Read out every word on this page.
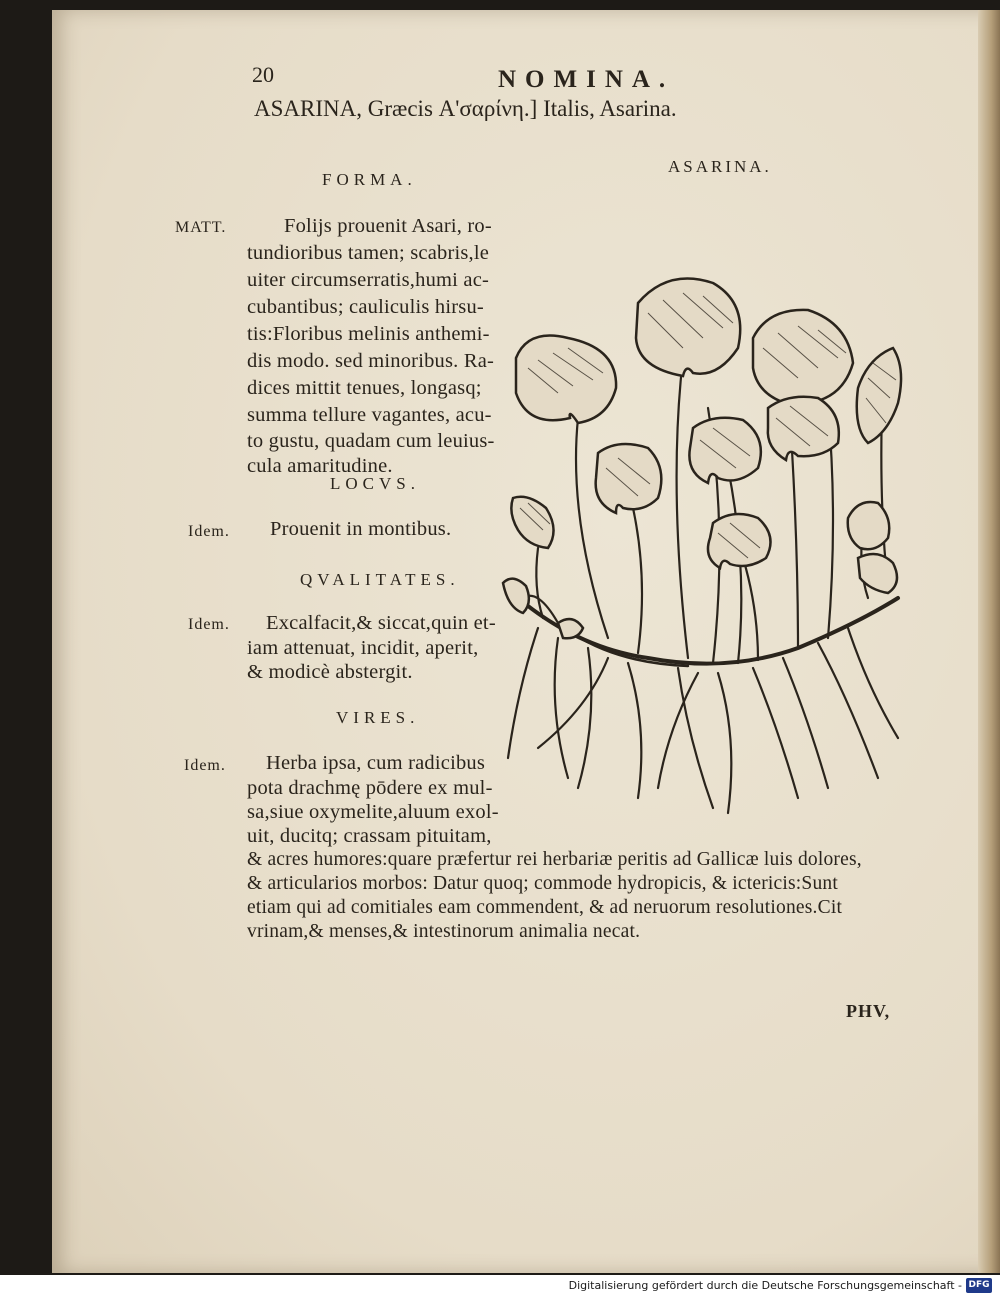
20	NOMINA.
ASARINA, Græcis Α'σαρίνη.] Italis, Asarina.
ASARINA.
FORMA.
MATT.	Folijs prouenit Asari, ro-
tundioribus tamen; scabris,le
uiter circumserratis,humi ac-
cubantibus; cauliculis hirsu-
tis:Floribus melinis anthemi-
dis modo. sed minoribus. Ra-
dices mittit tenues, longasq;
summa tellure vagantes, acu-
to gustu, quadam cum leuius-
cula amaritudine.
LOCVS.
Idem. Prouenit in montibus.
QVALITATES.
Idem. Excalfacit,& siccat,quin et-
iam attenuat, incidit, aperit,
& modicè abstergit.
VIRES.
Idem. Herba ipsa, cum radicibus
pota drachmę pōdere ex mul-
sa,siue oxymelite,aluum exol-
uit, ducitq; crassam pituitam,
& acres humores:quare præfertur rei herbariæ peritis ad Gallicæ luis dolores,
& articularios morbos: Datur quoq; commode hydropicis, & ictericis:Sunt
etiam qui ad comitiales eam commendent, & ad neruorum resolutiones.Cit
vrinam,& menses,& intestinorum animalia necat.
PHV,
Digitalisierung gefördert durch die Deutsche Forschungsgemeinschaft - DFG
